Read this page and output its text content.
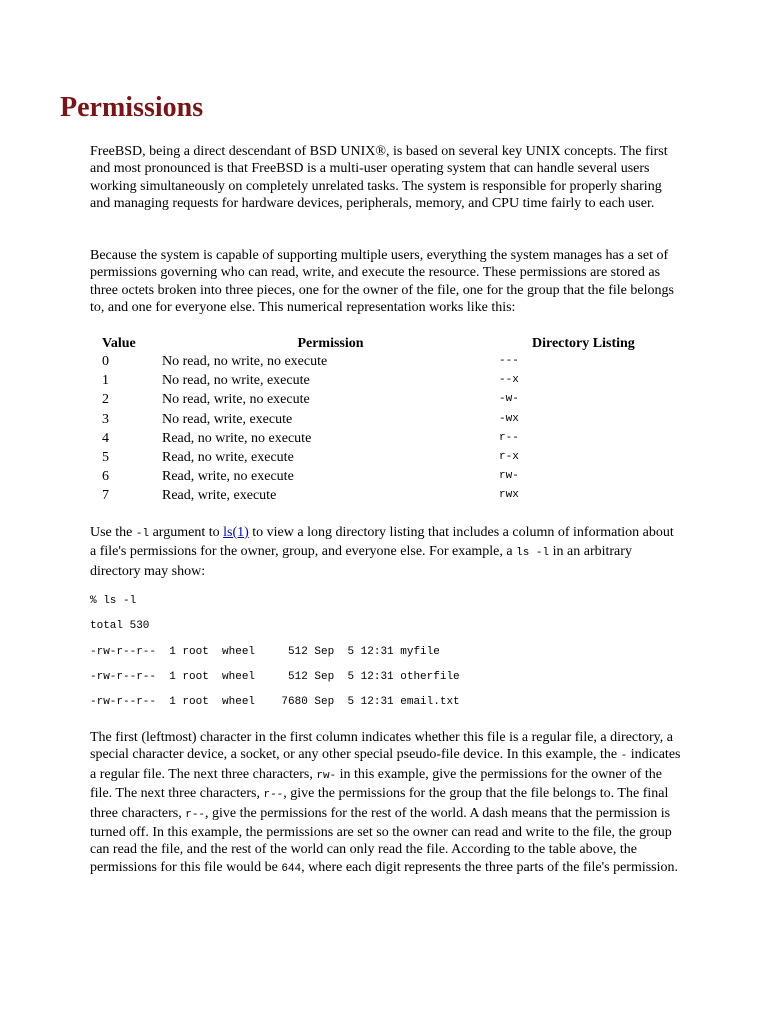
Permissions

FreeBSD, being a direct descendant of BSD UNIX®, is based on several key UNIX concepts. The first and most pronounced is that FreeBSD is a multi-user operating system that can handle several users working simultaneously on completely unrelated tasks. The system is responsible for properly sharing and managing requests for hardware devices, peripherals, memory, and CPU time fairly to each user.

Because the system is capable of supporting multiple users, everything the system manages has a set of permissions governing who can read, write, and execute the resource. These permissions are stored as three octets broken into three pieces, one for the owner of the file, one for the group that the file belongs to, and one for everyone else. This numerical representation works like this:

Value	Permission	Directory Listing
0	No read, no write, no execute	---
1	No read, no write, execute	--x
2	No read, write, no execute	-w-
3	No read, write, execute	-wx
4	Read, no write, no execute	r--
5	Read, no write, execute	r-x
6	Read, write, no execute	rw-
7	Read, write, execute	rwx

Use the -l argument to ls(1) to view a long directory listing that includes a column of information about a file's permissions for the owner, group, and everyone else. For example, a ls -l in an arbitrary directory may show:

% ls -l
total 530
-rw-r--r--  1 root  wheel     512 Sep  5 12:31 myfile
-rw-r--r--  1 root  wheel     512 Sep  5 12:31 otherfile
-rw-r--r--  1 root  wheel    7680 Sep  5 12:31 email.txt

The first (leftmost) character in the first column indicates whether this file is a regular file, a directory, a special character device, a socket, or any other special pseudo-file device. In this example, the - indicates a regular file. The next three characters, rw- in this example, give the permissions for the owner of the file. The next three characters, r--, give the permissions for the group that the file belongs to. The final three characters, r--, give the permissions for the rest of the world. A dash means that the permission is turned off. In this example, the permissions are set so the owner can read and write to the file, the group can read the file, and the rest of the world can only read the file. According to the table above, the permissions for this file would be 644, where each digit represents the three parts of the file's permission.
